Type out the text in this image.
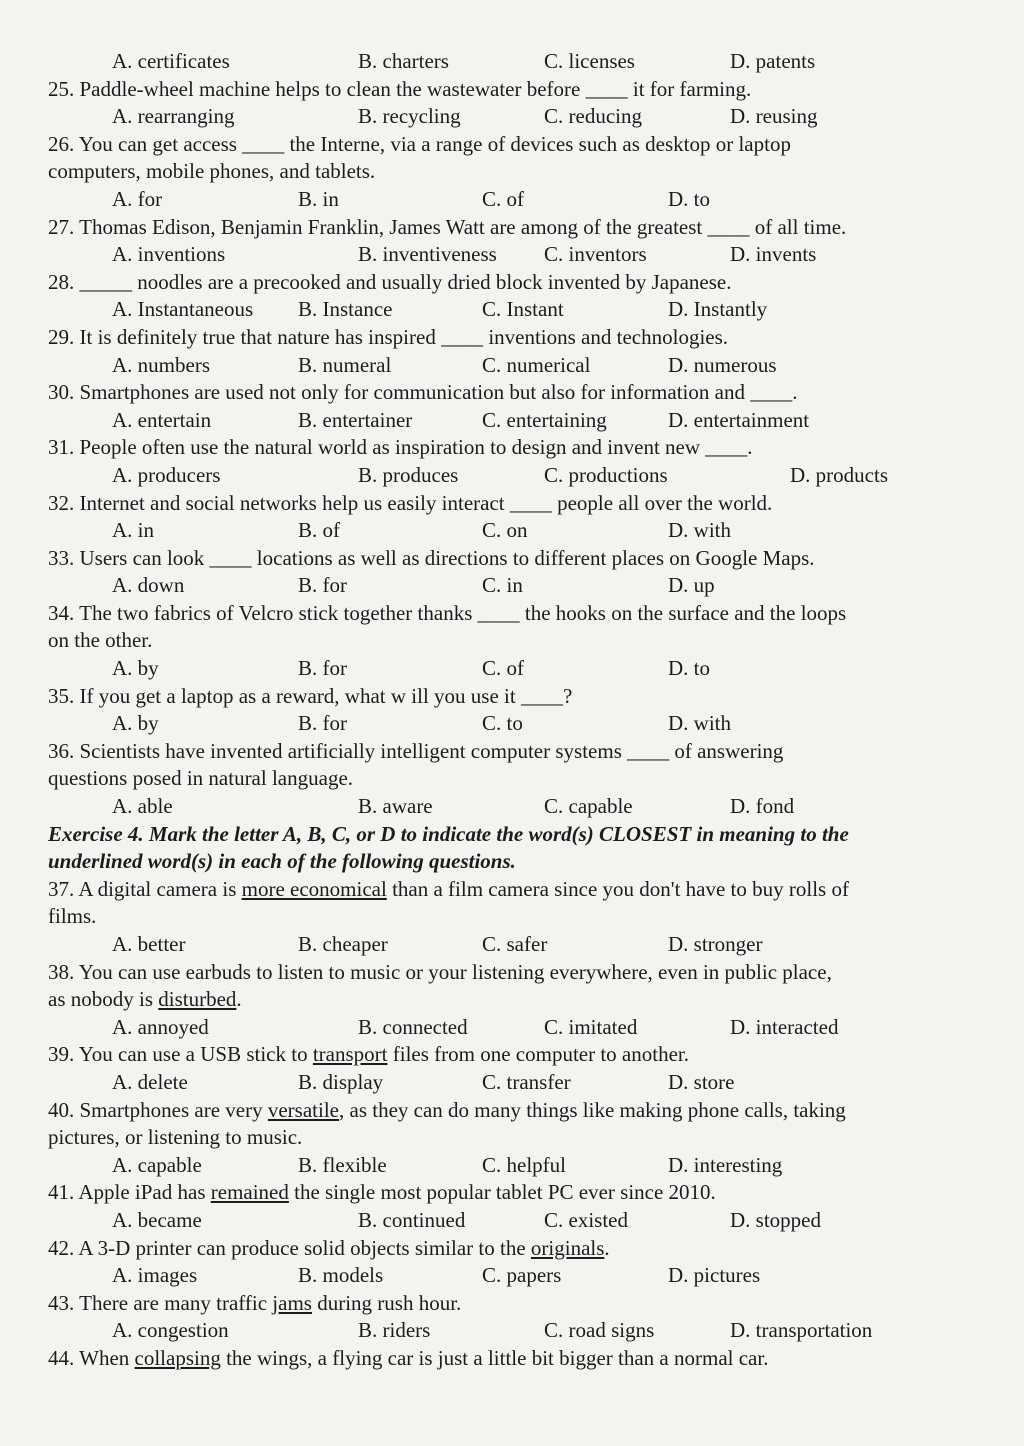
A. certificates	B. charters	C. licenses	D. patents
25. Paddle-wheel machine helps to clean the wastewater before ____ it for farming.
A. rearranging	B. recycling	C. reducing	D. reusing
26. You can get access ____ the Interne, via a range of devices such as desktop or laptop
computers, mobile phones, and tablets.
A. for	B. in	C. of	D. to
27. Thomas Edison, Benjamin Franklin, James Watt are among of the greatest ____ of all time.
A. inventions	B. inventiveness C. inventors	D. invents
28. _____ noodles are a precooked and usually dried block invented by Japanese.
A. Instantaneous B. Instance	C. Instant	D. Instantly
29. It is definitely true that nature has inspired ____ inventions and technologies.
A. numbers	B. numeral	C. numerical	D. numerous
30. Smartphones are used not only for communication but also for information and ____.
A. entertain	B. entertainer	C. entertaining	D. entertainment
31. People often use the natural world as inspiration to design and invent new ____.
A. producers	B. produces	C. productions	D. products
32. Internet and social networks help us easily interact ____ people all over the world.
A. in	B. of	C. on	D. with
33. Users can look ____ locations as well as directions to different places on Google Maps.
A. down	B. for	C. in	D. up
34. The two fabrics of Velcro stick together thanks ____ the hooks on the surface and the loops
on the other.
A. by	B. for	C. of	D. to
35. If you get a laptop as a reward, what w ill you use it ____?
A. by	B. for	C. to	D. with
36. Scientists have invented artificially intelligent computer systems ____ of answering
questions posed in natural language.
A. able	B. aware	C. capable	D. fond
Exercise 4. Mark the letter A, B, C, or D to indicate the word(s) CLOSEST in meaning to the
underlined word(s) in each of the following questions.
37. A digital camera is more economical than a film camera since you don't have to buy rolls of
films.
A. better	B. cheaper	C. safer	D. stronger
38. You can use earbuds to listen to music or your listening everywhere, even in public place,
as nobody is disturbed.
A. annoyed	B. connected	C. imitated	D. interacted
39. You can use a USB stick to transport files from one computer to another.
A. delete	B. display	C. transfer	D. store
40. Smartphones are very versatile, as they can do many things like making phone calls, taking
pictures, or listening to music.
A. capable	B. flexible	C. helpful	D. interesting
41. Apple iPad has remained the single most popular tablet PC ever since 2010.
A. became	B. continued	C. existed	D. stopped
42. A 3-D printer can produce solid objects similar to the originals.
A. images	B. models	C. papers	D. pictures
43. There are many traffic jams during rush hour.
A. congestion	B. riders	C. road signs	D. transportation
44. When collapsing the wings, a flying car is just a little bit bigger than a normal car.
